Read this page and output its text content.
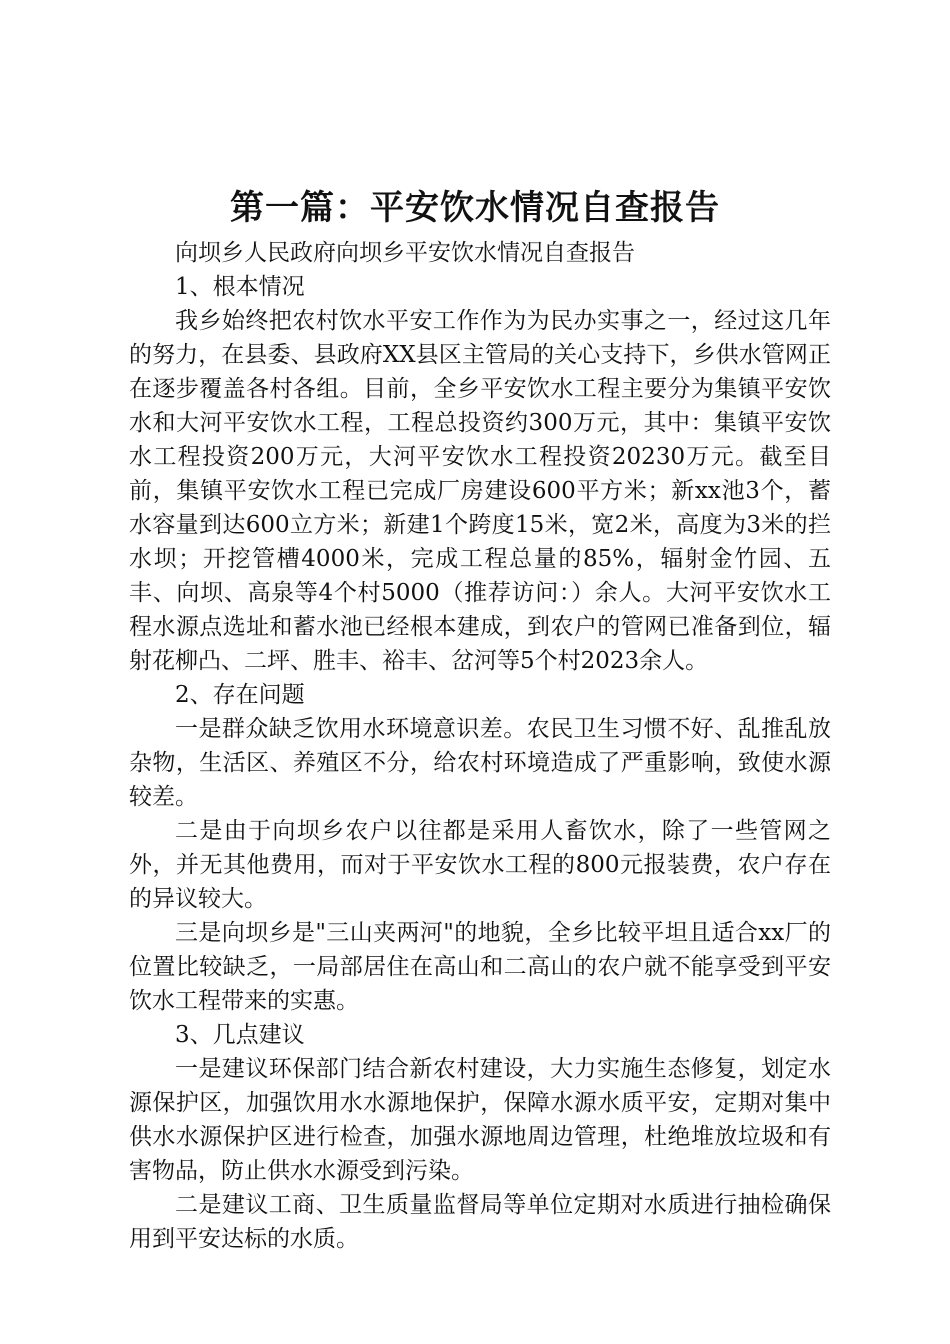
第一篇：平安饮水情况自查报告

向坝乡人民政府向坝乡平安饮水情况自查报告

1、根本情况

我乡始终把农村饮水平安工作作为为民办实事之一，经过这几年的努力，在县委、县政府XX县区主管局的关心支持下，乡供水管网正在逐步覆盖各村各组。目前，全乡平安饮水工程主要分为集镇平安饮水和大河平安饮水工程，工程总投资约300万元，其中：集镇平安饮水工程投资200万元，大河平安饮水工程投资20230万元。截至目前，集镇平安饮水工程已完成厂房建设600平方米；新xx池3个，蓄水容量到达600立方米；新建1个跨度15米，宽2米，高度为3米的拦水坝；开挖管槽4000米，完成工程总量的85%，辐射金竹园、五丰、向坝、高泉等4个村5000（推荐访问：）余人。大河平安饮水工程水源点选址和蓄水池已经根本建成，到农户的管网已准备到位，辐射花柳凸、二坪、胜丰、裕丰、岔河等5个村2023余人。

2、存在问题

一是群众缺乏饮用水环境意识差。农民卫生习惯不好、乱推乱放杂物，生活区、养殖区不分，给农村环境造成了严重影响，致使水源较差。

二是由于向坝乡农户以往都是采用人畜饮水，除了一些管网之外，并无其他费用，而对于平安饮水工程的800元报装费，农户存在的异议较大。

三是向坝乡是"三山夹两河"的地貌，全乡比较平坦且适合xx厂的位置比较缺乏，一局部居住在高山和二高山的农户就不能享受到平安饮水工程带来的实惠。

3、几点建议

一是建议环保部门结合新农村建设，大力实施生态修复，划定水源保护区，加强饮用水水源地保护，保障水源水质平安，定期对集中供水水源保护区进行检查，加强水源地周边管理，杜绝堆放垃圾和有害物品，防止供水水源受到污染。

二是建议工商、卫生质量监督局等单位定期对水质进行抽检确保用到平安达标的水质。
